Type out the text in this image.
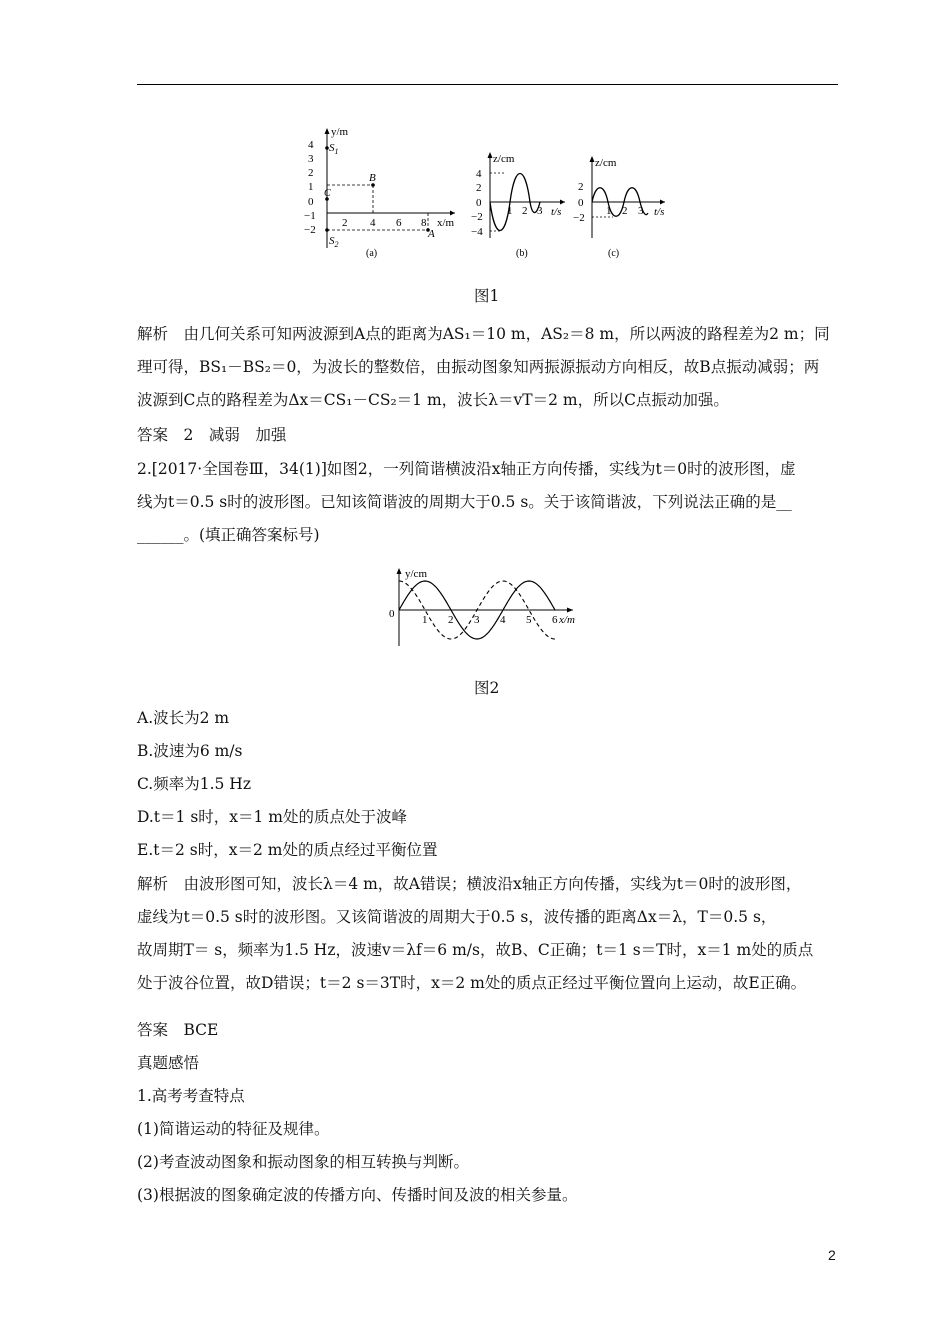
y/m
x/m
4
3
2
1
0
−1
−2
2 4 6 8
$S_1$
$S_2$
A
B
C
(a)
z/cm
t/s
4
2
0
−2
−4
1 2 3
(b)
z/cm
t/s
2
0
−2
1 2 3
(c)
图1
解析　由几何关系可知两波源到A点的距离为AS₁＝10 m，AS₂＝8 m，所以两波的路程差为2 m；同
理可得，BS₁－BS₂＝0，为波长的整数倍，由振动图象知两振源振动方向相反，故B点振动减弱；两
波源到C点的路程差为Δx＝CS₁－CS₂＝1 m，波长λ＝vT＝2 m，所以C点振动加强。
答案　2　减弱　加强
2.[2017·全国卷Ⅲ，34(1)]如图2，一列简谐横波沿x轴正方向传播，实线为t＝0时的波形图，虚
线为t＝0.5 s时的波形图。已知该简谐波的周期大于0.5 s。关于该简谐波，下列说法正确的是__
______。(填正确答案标号)
y/cm
x/m
0	1 2 3 4 5 6
图2
A.波长为2 m
B.波速为6 m/s
C.频率为1.5 Hz
D.t＝1 s时，x＝1 m处的质点处于波峰
E.t＝2 s时，x＝2 m处的质点经过平衡位置
解析　由波形图可知，波长λ＝4 m，故A错误；横波沿x轴正方向传播，实线为t＝0时的波形图，
虚线为t＝0.5 s时的波形图。又该简谐波的周期大于0.5 s，波传播的距离Δx＝λ，T＝0.5 s，
故周期T＝ s，频率为1.5 Hz，波速v＝λf＝6 m/s，故B、C正确；t＝1 s＝T时，x＝1 m处的质点
处于波谷位置，故D错误；t＝2 s＝3T时，x＝2 m处的质点正经过平衡位置向上运动，故E正确。
答案　BCE
真题感悟
1.高考考查特点
(1)简谐运动的特征及规律。
(2)考查波动图象和振动图象的相互转换与判断。
(3)根据波的图象确定波的传播方向、传播时间及波的相关参量。
2
